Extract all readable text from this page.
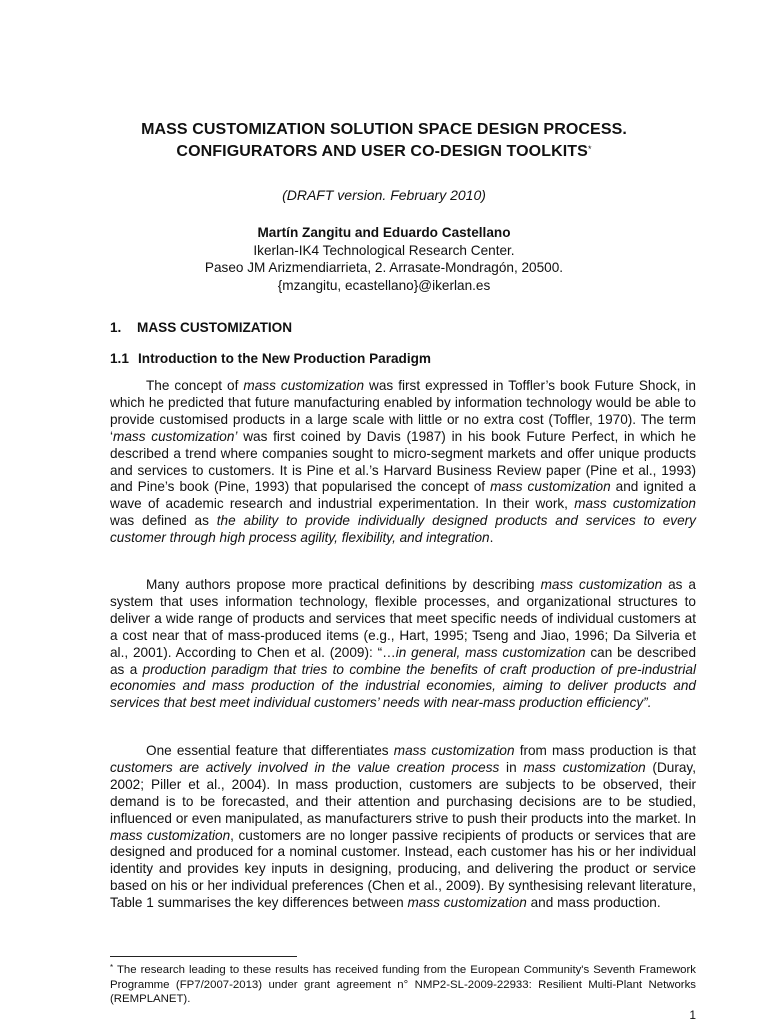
MASS CUSTOMIZATION SOLUTION SPACE DESIGN PROCESS.
CONFIGURATORS AND USER CO-DESIGN TOOLKITS*
(DRAFT version. February 2010)
Martín Zangitu and Eduardo Castellano
Ikerlan-IK4 Technological Research Center.
Paseo JM Arizmendiarrieta, 2. Arrasate-Mondragón, 20500.
{mzangitu, ecastellano}@ikerlan.es
1. MASS CUSTOMIZATION
1.1 Introduction to the New Production Paradigm

The concept of mass customization was first expressed in Toffler’s book Future Shock, in which he predicted that future manufacturing enabled by information technology would be able to provide customised products in a large scale with little or no extra cost (Toffler, 1970). The term ‘mass customization’ was first coined by Davis (1987) in his book Future Perfect, in which he described a trend where companies sought to micro-segment markets and offer unique products and services to customers. It is Pine et al.’s Harvard Business Review paper (Pine et al., 1993) and Pine’s book (Pine, 1993) that popularised the concept of mass customization and ignited a wave of academic research and industrial experimentation. In their work, mass customization was defined as the ability to provide individually designed products and services to every customer through high process agility, flexibility, and integration.

Many authors propose more practical definitions by describing mass customization as a system that uses information technology, flexible processes, and organizational structures to deliver a wide range of products and services that meet specific needs of individual customers at a cost near that of mass-produced items (e.g., Hart, 1995; Tseng and Jiao, 1996; Da Silveria et al., 2001). According to Chen et al. (2009): “…in general, mass customization can be described as a production paradigm that tries to combine the benefits of craft production of pre-industrial economies and mass production of the industrial economies, aiming to deliver products and services that best meet individual customers’ needs with near-mass production efficiency”.

One essential feature that differentiates mass customization from mass production is that customers are actively involved in the value creation process in mass customization (Duray, 2002; Piller et al., 2004). In mass production, customers are subjects to be observed, their demand is to be forecasted, and their attention and purchasing decisions are to be studied, influenced or even manipulated, as manufacturers strive to push their products into the market. In mass customization, customers are no longer passive recipients of products or services that are designed and produced for a nominal customer. Instead, each customer has his or her individual identity and provides key inputs in designing, producing, and delivering the product or service based on his or her individual preferences (Chen et al., 2009). By synthesising relevant literature, Table 1 summarises the key differences between mass customization and mass production.

* The research leading to these results has received funding from the European Community's Seventh Framework Programme (FP7/2007-2013) under grant agreement n° NMP2-SL-2009-22933: Resilient Multi-Plant Networks (REMPLANET).
1
